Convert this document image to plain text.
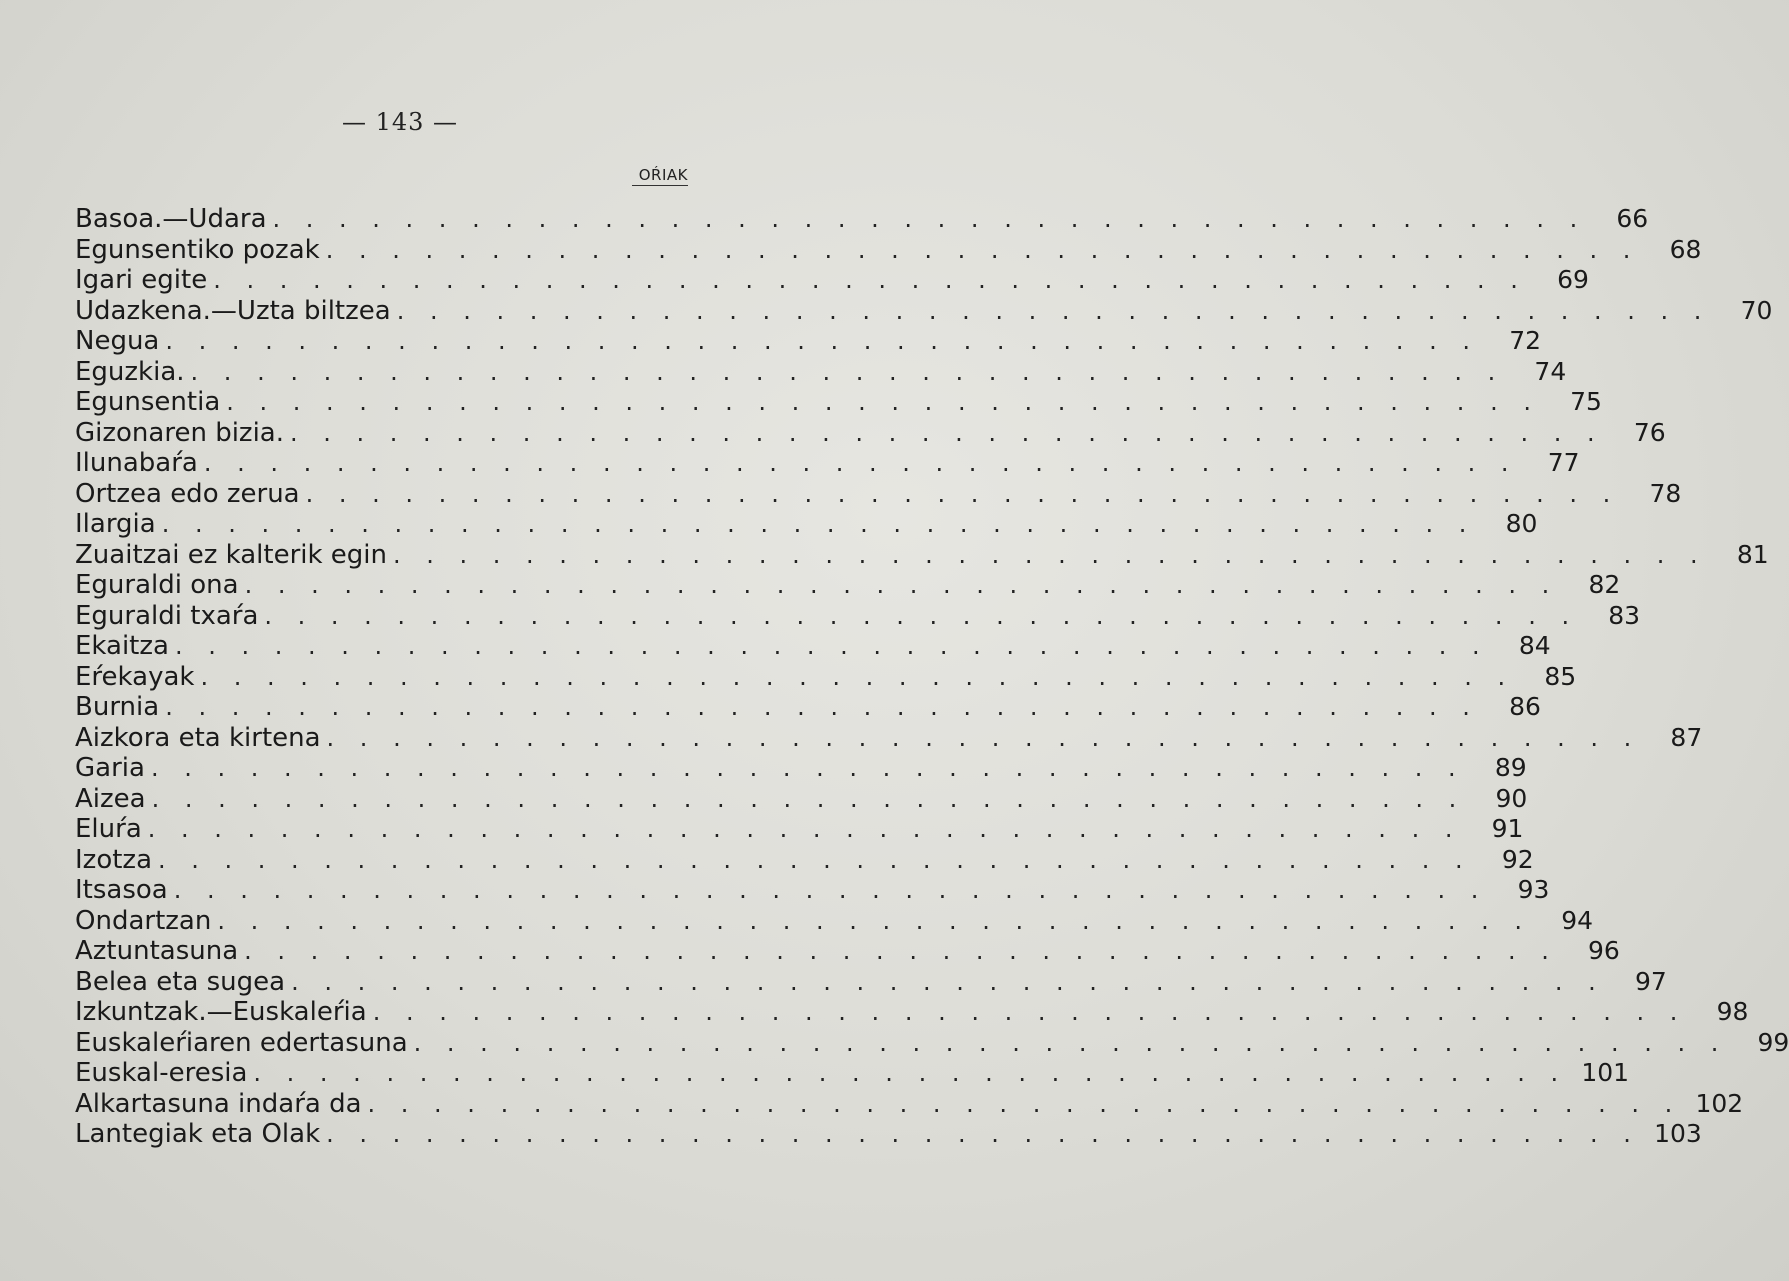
— 143 —
OŔIAK
Basoa.—Udara . . . . . . . . . . . . . . . . . . . . . . . . . . . . . . . . . . . . . . . .	66
Egunsentiko pozak . . . . . . . . . . . . . . . . . . . . . . . . . . . . . . . . . . . . . . . .	68
Igari egite . . . . . . . . . . . . . . . . . . . . . . . . . . . . . . . . . . . . . . . .	69
Udazkena.—Uzta biltzea . . . . . . . . . . . . . . . . . . . . . . . . . . . . . . . . . . . . . . . .	70
Negua . . . . . . . . . . . . . . . . . . . . . . . . . . . . . . . . . . . . . . . .	72
Eguzkia. . . . . . . . . . . . . . . . . . . . . . . . . . . . . . . . . . . . . . . . .	74
Egunsentia . . . . . . . . . . . . . . . . . . . . . . . . . . . . . . . . . . . . . . . .	75
Gizonaren bizia. . . . . . . . . . . . . . . . . . . . . . . . . . . . . . . . . . . . . . . . .	76
Ilunabaŕa . . . . . . . . . . . . . . . . . . . . . . . . . . . . . . . . . . . . . . . .	77
Ortzea edo zerua . . . . . . . . . . . . . . . . . . . . . . . . . . . . . . . . . . . . . . . .	78
Ilargia . . . . . . . . . . . . . . . . . . . . . . . . . . . . . . . . . . . . . . . .	80
Zuaitzai ez kalterik egin . . . . . . . . . . . . . . . . . . . . . . . . . . . . . . . . . . . . . . . .	81
Eguraldi ona . . . . . . . . . . . . . . . . . . . . . . . . . . . . . . . . . . . . . . . .	82
Eguraldi txaŕa . . . . . . . . . . . . . . . . . . . . . . . . . . . . . . . . . . . . . . . .	83
Ekaitza . . . . . . . . . . . . . . . . . . . . . . . . . . . . . . . . . . . . . . . .	84
Eŕekayak . . . . . . . . . . . . . . . . . . . . . . . . . . . . . . . . . . . . . . . .	85
Burnia . . . . . . . . . . . . . . . . . . . . . . . . . . . . . . . . . . . . . . . .	86
Aizkora eta kirtena . . . . . . . . . . . . . . . . . . . . . . . . . . . . . . . . . . . . . . . .	87
Garia . . . . . . . . . . . . . . . . . . . . . . . . . . . . . . . . . . . . . . . .	89
Aizea . . . . . . . . . . . . . . . . . . . . . . . . . . . . . . . . . . . . . . . .	90
Eluŕa . . . . . . . . . . . . . . . . . . . . . . . . . . . . . . . . . . . . . . . .	91
Izotza . . . . . . . . . . . . . . . . . . . . . . . . . . . . . . . . . . . . . . . .	92
Itsasoa . . . . . . . . . . . . . . . . . . . . . . . . . . . . . . . . . . . . . . . .	93
Ondartzan . . . . . . . . . . . . . . . . . . . . . . . . . . . . . . . . . . . . . . . .	94
Aztuntasuna . . . . . . . . . . . . . . . . . . . . . . . . . . . . . . . . . . . . . . . .	96
Belea eta sugea . . . . . . . . . . . . . . . . . . . . . . . . . . . . . . . . . . . . . . . .	97
Izkuntzak.—Euskaleŕia . . . . . . . . . . . . . . . . . . . . . . . . . . . . . . . . . . . . . . . .	98
Euskaleŕiaren edertasuna . . . . . . . . . . . . . . . . . . . . . . . . . . . . . . . . . . . . . . . .	99
Euskal-eresia . . . . . . . . . . . . . . . . . . . . . . . . . . . . . . . . . . . . . . . . 101
Alkartasuna indaŕa da . . . . . . . . . . . . . . . . . . . . . . . . . . . . . . . . . . . . . . . . 102
Lantegiak eta Olak . . . . . . . . . . . . . . . . . . . . . . . . . . . . . . . . . . . . . . . . 103
